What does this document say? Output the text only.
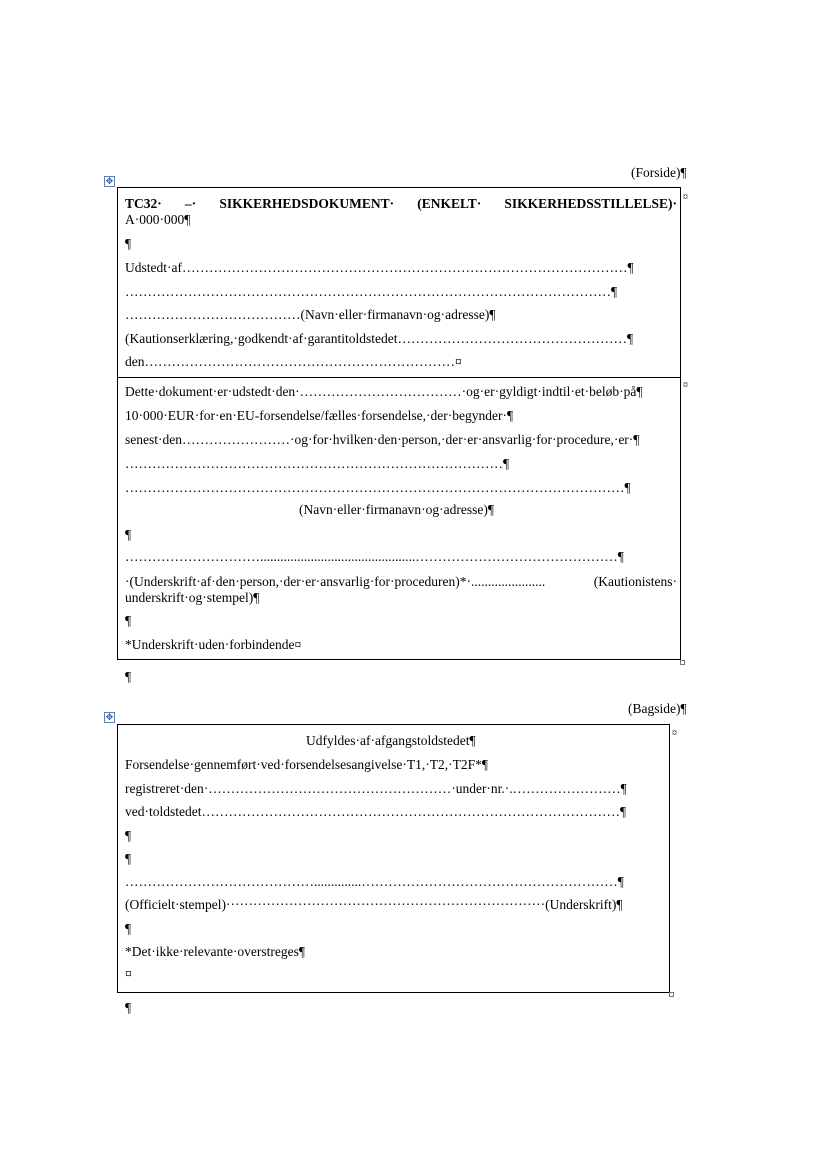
(Forside)¶
✥
¤
TC32· –· SIKKERHEDSDOKUMENT· (ENKELT· SIKKERHEDSSTILLELSE)·
A·000·000¶
¶
Udstedt·af………………………………………………………………………………………¶
………………………………………………………………………………………………¶
…………………………………(Navn·eller·firmanavn·og·adresse)¶
(Kautionserklæring,·godkendt·af·garantitoldstedet……………………………………………¶
den……………………………………………………………¤
¤
Dette·dokument·er·udstedt·den·………………………………·og·er·gyldigt·indtil·et·beløb·på¶
10·000·EUR·for·en·EU-forsendelse/fælles·forsendelse,·der·begynder·¶
senest·den……………………·og·for·hvilken·den·person,·der·er·ansvarlig·for·procedure,·er·¶
…………………………………………………………………………¶
…………………………………………………………………………………………………¶
(Navn·eller·firmanavn·og·adresse)¶
¶
…………………………..............................................………………………………………¶
·(Underskrift·af·den·person,·der·er·ansvarlig·for·proceduren)*·......................	(Kautionistens·
underskrift·og·stempel)¶
¶
*Underskrift·uden·forbindende¤
¶
(Bagside)¶
✥
¤
Udfyldes·af·afgangstoldstedet¶
Forsendelse·gennemført·ved·forsendelsesangivelse·T1,·T2,·T2F*¶
registreret·den·………………………………………………·under·nr.·.……………………¶
ved·toldstedet…………………………………………………………………………………¶
¶
¶
……………………………………..............…………………………………………………¶
(Officielt·stempel)·······································································(Underskrift)¶
¶
*Det·ikke·relevante·overstreges¶
¤
¶
